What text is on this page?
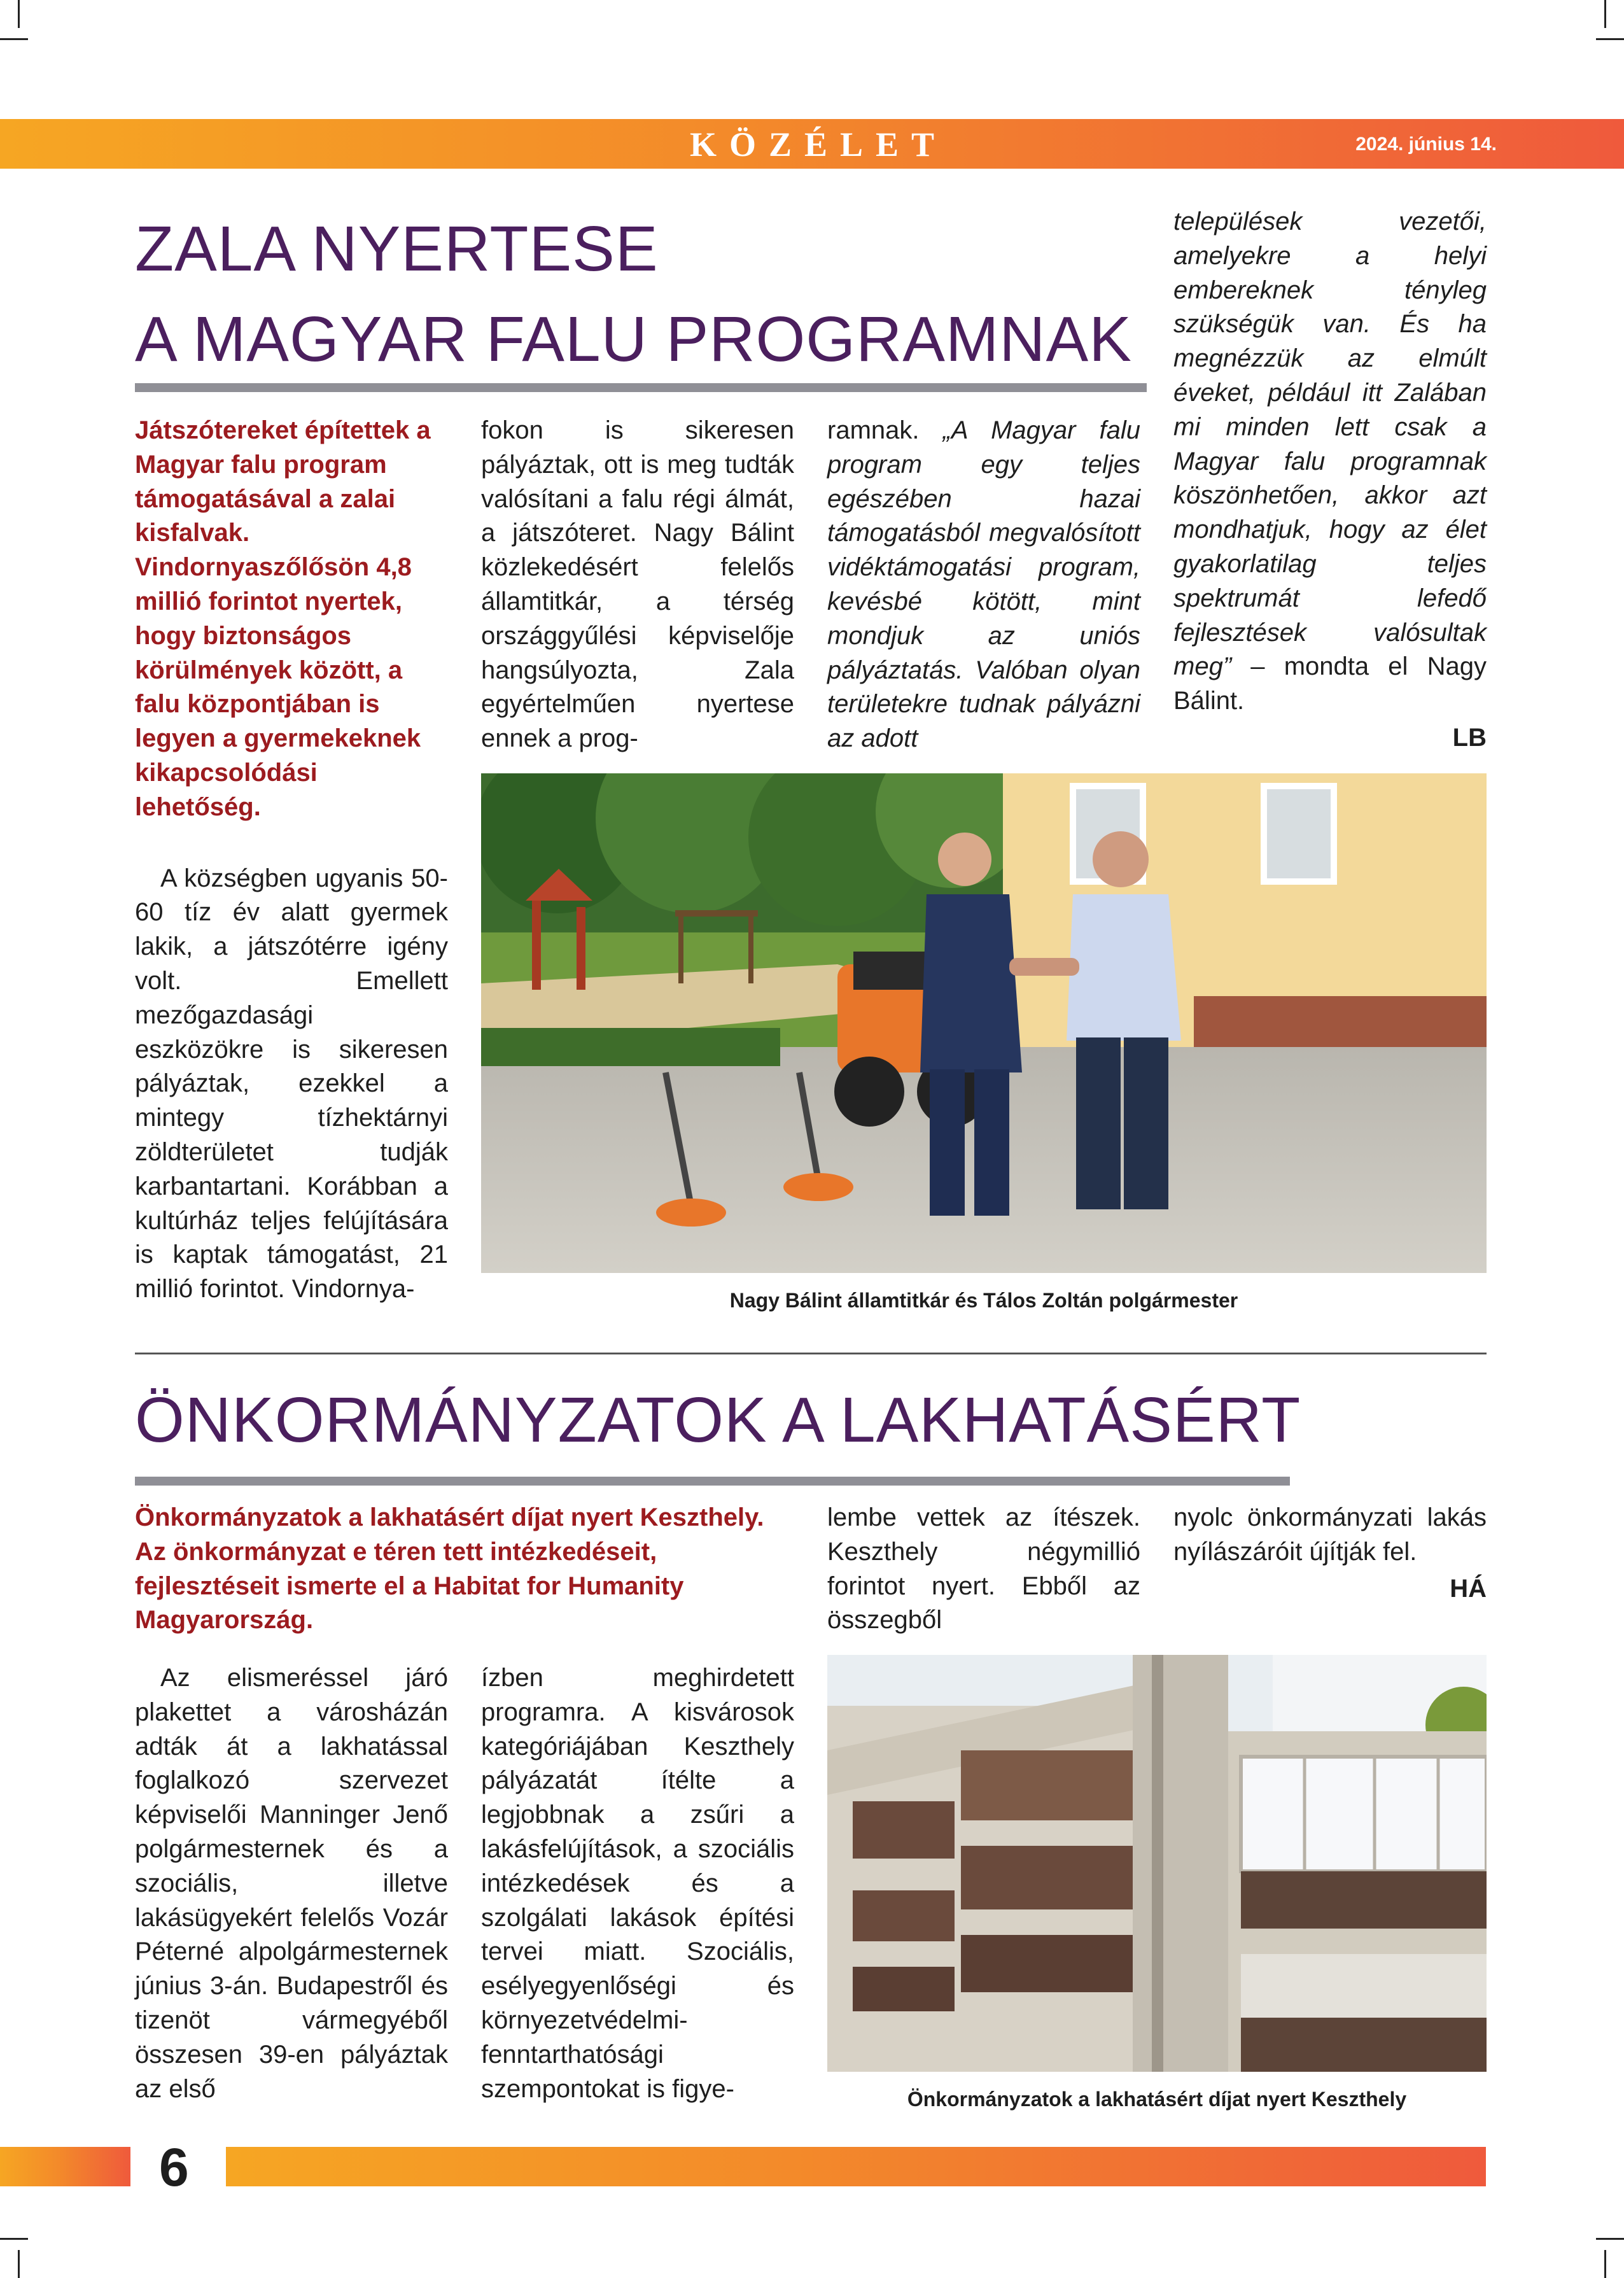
KÖZÉLET	2024. június 14.
ZALA NYERTESE
A MAGYAR FALU PROGRAMNAK

Játszótereket építettek a Magyar falu program támogatásával a zalai kisfalvak. Vindornyaszőlősön 4,8 millió forintot nyertek, hogy biztonságos körülmények között, a falu központjában is legyen a gyermekeknek kikapcsolódási lehetőség.

A községben ugyanis 50-60 tíz év alatt gyermek lakik, a játszótérre igény volt. Emellett mezőgazdasági eszközökre is sikeresen pályáztak, ezekkel a mintegy tízhektárnyi zöldterületet tudják karbantartani. Korábban a kultúrház teljes felújítására is kaptak támogatást, 21 millió forintot. Vindornya-

fokon is sikeresen pályáztak, ott is meg tudták valósítani a falu régi álmát, a játszóteret. Nagy Bálint közlekedésért felelős államtitkár, a térség országgyűlési képviselője hangsúlyozta, Zala egyértelműen nyertese ennek a prog-

ramnak. „A Magyar falu program egy teljes egészében hazai támogatásból megvalósított vidéktámogatási program, kevésbé kötött, mint mondjuk az uniós pályáztatás. Valóban olyan területekre tudnak pályázni az adott

települések vezetői, amelyekre a helyi embereknek tényleg szükségük van. És ha megnézzük az elmúlt éveket, például itt Zalában mi minden lett csak a Magyar falu programnak köszönhetően, akkor azt mondhatjuk, hogy az élet gyakorlatilag teljes spektrumát lefedő fejlesztések valósultak meg” – mondta el Nagy Bálint.

LB

Nagy Bálint államtitkár és Tálos Zoltán polgármester
ÖNKORMÁNYZATOK A LAKHATÁSÉRT
Önkormányzatok a lakhatásért díjat nyert Keszthely. Az önkormányzat e téren tett intézkedéseit, fejlesztéseit ismerte el a Habitat for Humanity Magyarország.

Az elismeréssel járó plakettet a városházán adták át a lakhatással foglalkozó szervezet képviselői Manninger Jenő polgármesternek és a szociális, illetve lakásügyekért felelős Vozár Péterné alpolgármesternek június 3-án. Budapestről és tizenöt vármegyéből összesen 39-en pályáztak az első

ízben meghirdetett programra. A kisvárosok kategóriájában Keszthely pályázatát ítélte a legjobbnak a zsűri a lakásfelújítások, a szociális intézkedések és a szolgálati lakások építési tervei miatt. Szociális, esélyegyenlőségi és környezetvédelmi-fenntarthatósági szempontokat is figye-

lembe vettek az ítészek. Keszthely négymillió forintot nyert. Ebből az összegből

nyolc önkormányzati lakás nyílászáróit újítják fel.

HÁ

Önkormányzatok a lakhatásért díjat nyert Keszthely
6
